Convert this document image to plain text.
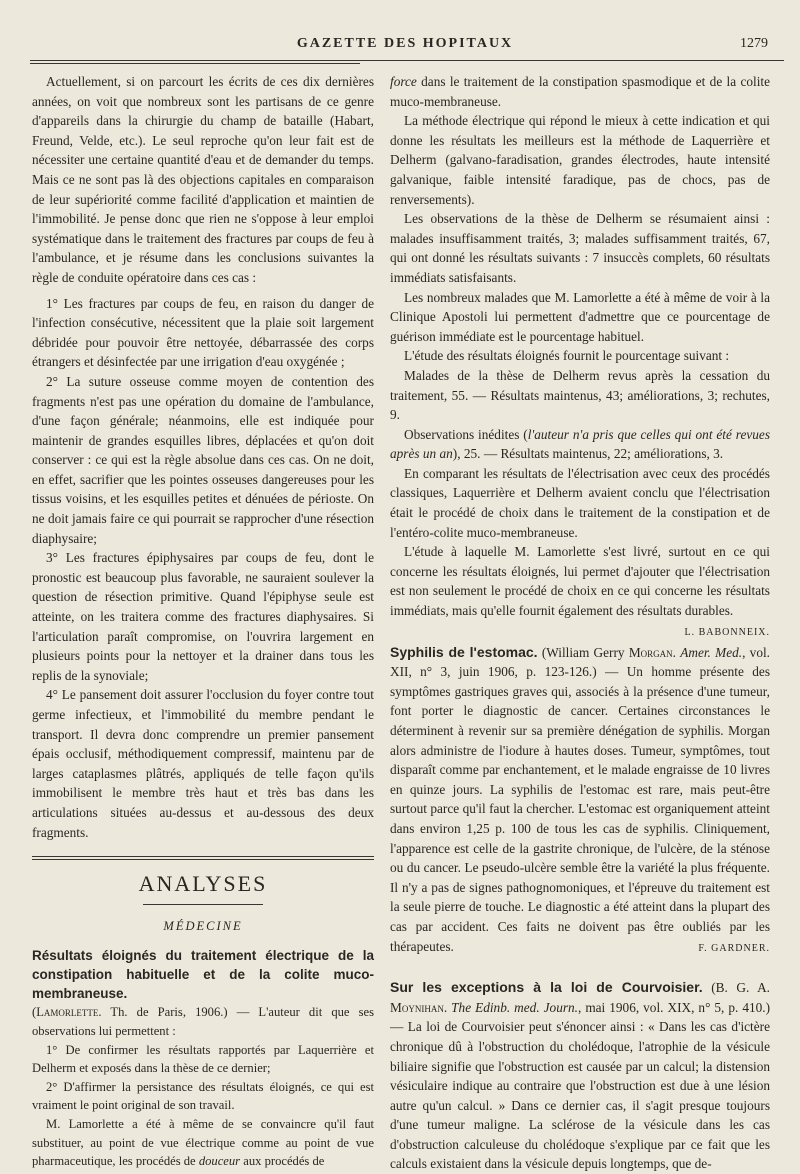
GAZETTE DES HOPITAUX	1279

Actuellement, si on parcourt les écrits de ces dix dernières années, on voit que nombreux sont les partisans de ce genre d'appareils dans la chirurgie du champ de bataille (Habart, Freund, Velde, etc.). Le seul reproche qu'on leur fait est de nécessiter une certaine quantité d'eau et de demander du temps. Mais ce ne sont pas là des objections capitales en comparaison de leur supériorité comme facilité d'application et maintien de l'immobilité. Je pense donc que rien ne s'oppose à leur emploi systématique dans le traitement des fractures par coups de feu à l'ambulance, et je résume dans les conclusions suivantes la règle de conduite opératoire dans ces cas :

1° Les fractures par coups de feu, en raison du danger de l'infection consécutive, nécessitent que la plaie soit largement débridée pour pouvoir être nettoyée, débarrassée des corps étrangers et désinfectée par une irrigation d'eau oxygénée ;

2° La suture osseuse comme moyen de contention des fragments n'est pas une opération du domaine de l'ambulance, d'une façon générale; néanmoins, elle est indiquée pour maintenir de grandes esquilles libres, déplacées et qu'on doit conserver : ce qui est la règle absolue dans ces cas. On ne doit, en effet, sacrifier que les pointes osseuses dangereuses pour les tissus voisins, et les esquilles petites et dénuées de périoste. On ne doit jamais faire ce qui pourrait se rapprocher d'une résection diaphysaire;

3° Les fractures épiphysaires par coups de feu, dont le pronostic est beaucoup plus favorable, ne sauraient soulever la question de résection primitive. Quand l'épiphyse seule est atteinte, on les traitera comme des fractures diaphysaires. Si l'articulation paraît compromise, on l'ouvrira largement en plusieurs points pour la nettoyer et la drainer dans tous les replis de la synoviale;

4° Le pansement doit assurer l'occlusion du foyer contre tout germe infectieux, et l'immobilité du membre pendant le transport. Il devra donc comprendre un premier pansement épais occlusif, méthodiquement compressif, maintenu par de larges cataplasmes plâtrés, appliqués de telle façon qu'ils immobilisent le membre très haut et très bas dans les articulations situées au-dessus et au-dessous des deux fragments.

ANALYSES
MÉDECINE

Résultats éloignés du traitement électrique de la constipation habituelle et de la colite muco-membraneuse.

(Lamorlette. Th. de Paris, 1906.) — L'auteur dit que ses observations lui permettent :

1° De confirmer les résultats rapportés par Laquerrière et Delherm et exposés dans la thèse de ce dernier;

2° D'affirmer la persistance des résultats éloignés, ce qui est vraiment le point original de son travail.

M. Lamorlette a été à même de se convaincre qu'il faut substituer, au point de vue électrique comme au point de vue pharmaceutique, les procédés de douceur aux procédés de

force dans le traitement de la constipation spasmodique et de la colite muco-membraneuse.

La méthode électrique qui répond le mieux à cette indication et qui donne les résultats les meilleurs est la méthode de Laquerrière et Delherm (galvano-faradisation, grandes électrodes, haute intensité galvanique, faible intensité faradique, pas de chocs, pas de renversements).

Les observations de la thèse de Delherm se résumaient ainsi : malades insuffisamment traités, 3; malades suffisamment traités, 67, qui ont donné les résultats suivants : 7 insuccès complets, 60 résultats immédiats satisfaisants.

Les nombreux malades que M. Lamorlette a été à même de voir à la Clinique Apostoli lui permettent d'admettre que ce pourcentage de guérison immédiate est le pourcentage habituel.

L'étude des résultats éloignés fournit le pourcentage suivant :

Malades de la thèse de Delherm revus après la cessation du traitement, 55. — Résultats maintenus, 43; améliorations, 3; rechutes, 9.

Observations inédites (l'auteur n'a pris que celles qui ont été revues après un an), 25. — Résultats maintenus, 22; améliorations, 3.

En comparant les résultats de l'électrisation avec ceux des procédés classiques, Laquerrière et Delherm avaient conclu que l'électrisation était le procédé de choix dans le traitement de la constipation et de l'entéro-colite muco-membraneuse.

L'étude à laquelle M. Lamorlette s'est livré, surtout en ce qui concerne les résultats éloignés, lui permet d'ajouter que l'électrisation est non seulement le procédé de choix en ce qui concerne les résultats immédiats, mais qu'elle fournit également des résultats durables.
L. BABONNEIX.

Syphilis de l'estomac. (William Gerry Morgan. Amer. Med., vol. XII, n° 3, juin 1906, p. 123-126.) — Un homme présente des symptômes gastriques graves qui, associés à la présence d'une tumeur, font porter le diagnostic de cancer. Certaines circonstances le déterminent à revenir sur sa première dénégation de syphilis. Morgan alors administre de l'iodure à hautes doses. Tumeur, symptômes, tout disparaît comme par enchantement, et le malade engraisse de 10 livres en quinze jours. La syphilis de l'estomac est rare, mais peut-être surtout parce qu'il faut la chercher. L'estomac est organiquement atteint dans environ 1,25 p. 100 de tous les cas de syphilis. Cliniquement, l'apparence est celle de la gastrite chronique, de l'ulcère, de la sténose ou du cancer. Le pseudo-ulcère semble être la variété la plus fréquente. Il n'y a pas de signes pathognomoniques, et l'épreuve du traitement est la seule pierre de touche. Le diagnostic a été atteint dans la plupart des cas par accident. Ces faits ne doivent pas être oubliés par les thérapeutes.	F. GARDNER.

Sur les exceptions à la loi de Courvoisier. (B. G. A. Moynihan. The Edinb. med. Journ., mai 1906, vol. XIX, n° 5, p. 410.) — La loi de Courvoisier peut s'énoncer ainsi : « Dans les cas d'ictère chronique dû à l'obstruction du cholédoque, l'atrophie de la vésicule biliaire signifie que l'obstruction est causée par un calcul; la distension vésiculaire indique au contraire que l'obstruction est due à une lésion autre qu'un calcul. » Dans ce dernier cas, il s'agit presque toujours d'une tumeur maligne. La sclérose de la vésicule dans les cas d'obstruction calculeuse du cholédoque s'explique par ce fait que les calculs existaient dans la vésicule depuis longtemps, que de-
